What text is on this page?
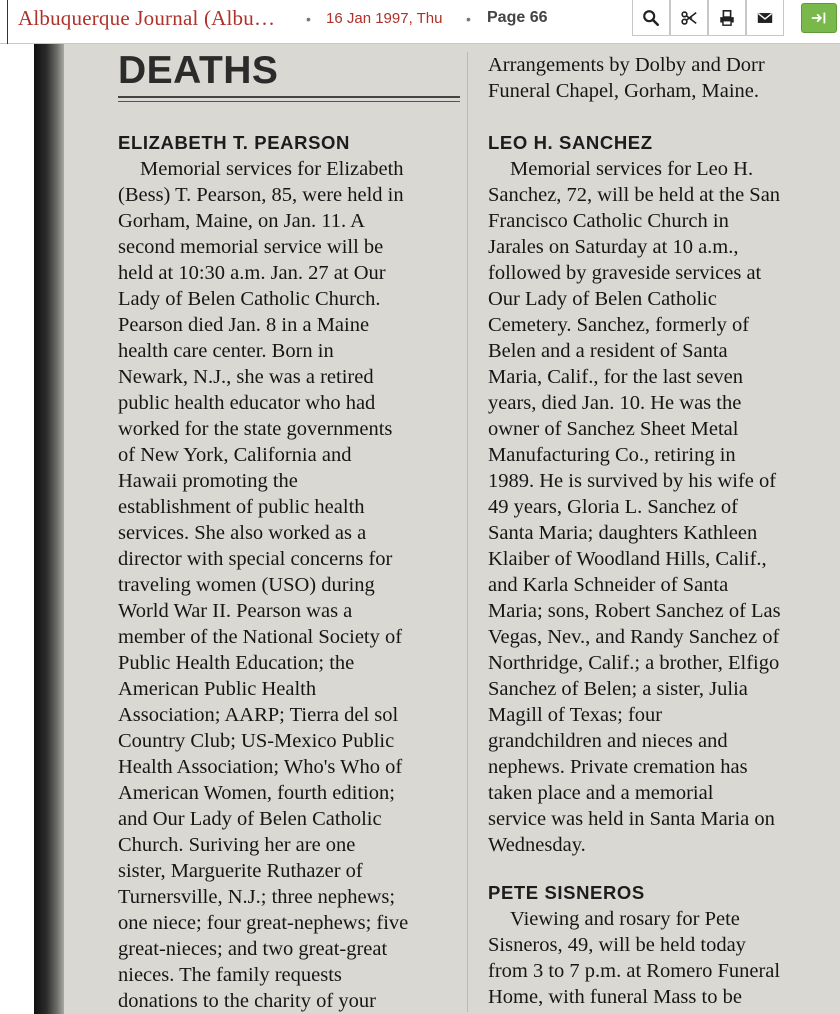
Albuquerque Journal (Albu… • 16 Jan 1997, Thu • Page 66
DEATHS
ELIZABETH T. PEARSON
Memorial services for Elizabeth
(Bess) T. Pearson, 85, were held in
Gorham, Maine, on Jan. 11. A
second memorial service will be
held at 10:30 a.m. Jan. 27 at Our
Lady of Belen Catholic Church.
Pearson died Jan. 8 in a Maine
health care center. Born in
Newark, N.J., she was a retired
public health educator who had
worked for the state governments
of New York, California and
Hawaii promoting the
establishment of public health
services. She also worked as a
director with special concerns for
traveling women (USO) during
World War II. Pearson was a
member of the National Society of
Public Health Education; the
American Public Health
Association; AARP; Tierra del sol
Country Club; US-Mexico Public
Health Association; Who's Who of
American Women, fourth edition;
and Our Lady of Belen Catholic
Church. Suriving her are one
sister, Marguerite Ruthazer of
Turnersville, N.J.; three nephews;
one niece; four great-nephews; five
great-nieces; and two great-great
nieces. The family requests
donations to the charity of your
Arrangements by Dolby and Dorr
Funeral Chapel, Gorham, Maine.
LEO H. SANCHEZ
Memorial services for Leo H.
Sanchez, 72, will be held at the San
Francisco Catholic Church in
Jarales on Saturday at 10 a.m.,
followed by graveside services at
Our Lady of Belen Catholic
Cemetery. Sanchez, formerly of
Belen and a resident of Santa
Maria, Calif., for the last seven
years, died Jan. 10. He was the
owner of Sanchez Sheet Metal
Manufacturing Co., retiring in
1989. He is survived by his wife of
49 years, Gloria L. Sanchez of
Santa Maria; daughters Kathleen
Klaiber of Woodland Hills, Calif.,
and Karla Schneider of Santa
Maria; sons, Robert Sanchez of Las
Vegas, Nev., and Randy Sanchez of
Northridge, Calif.; a brother, Elfigo
Sanchez of Belen; a sister, Julia
Magill of Texas; four
grandchildren and nieces and
nephews. Private cremation has
taken place and a memorial
service was held in Santa Maria on
Wednesday.
PETE SISNEROS
Viewing and rosary for Pete
Sisneros, 49, will be held today
from 3 to 7 p.m. at Romero Funeral
Home, with funeral Mass to be
